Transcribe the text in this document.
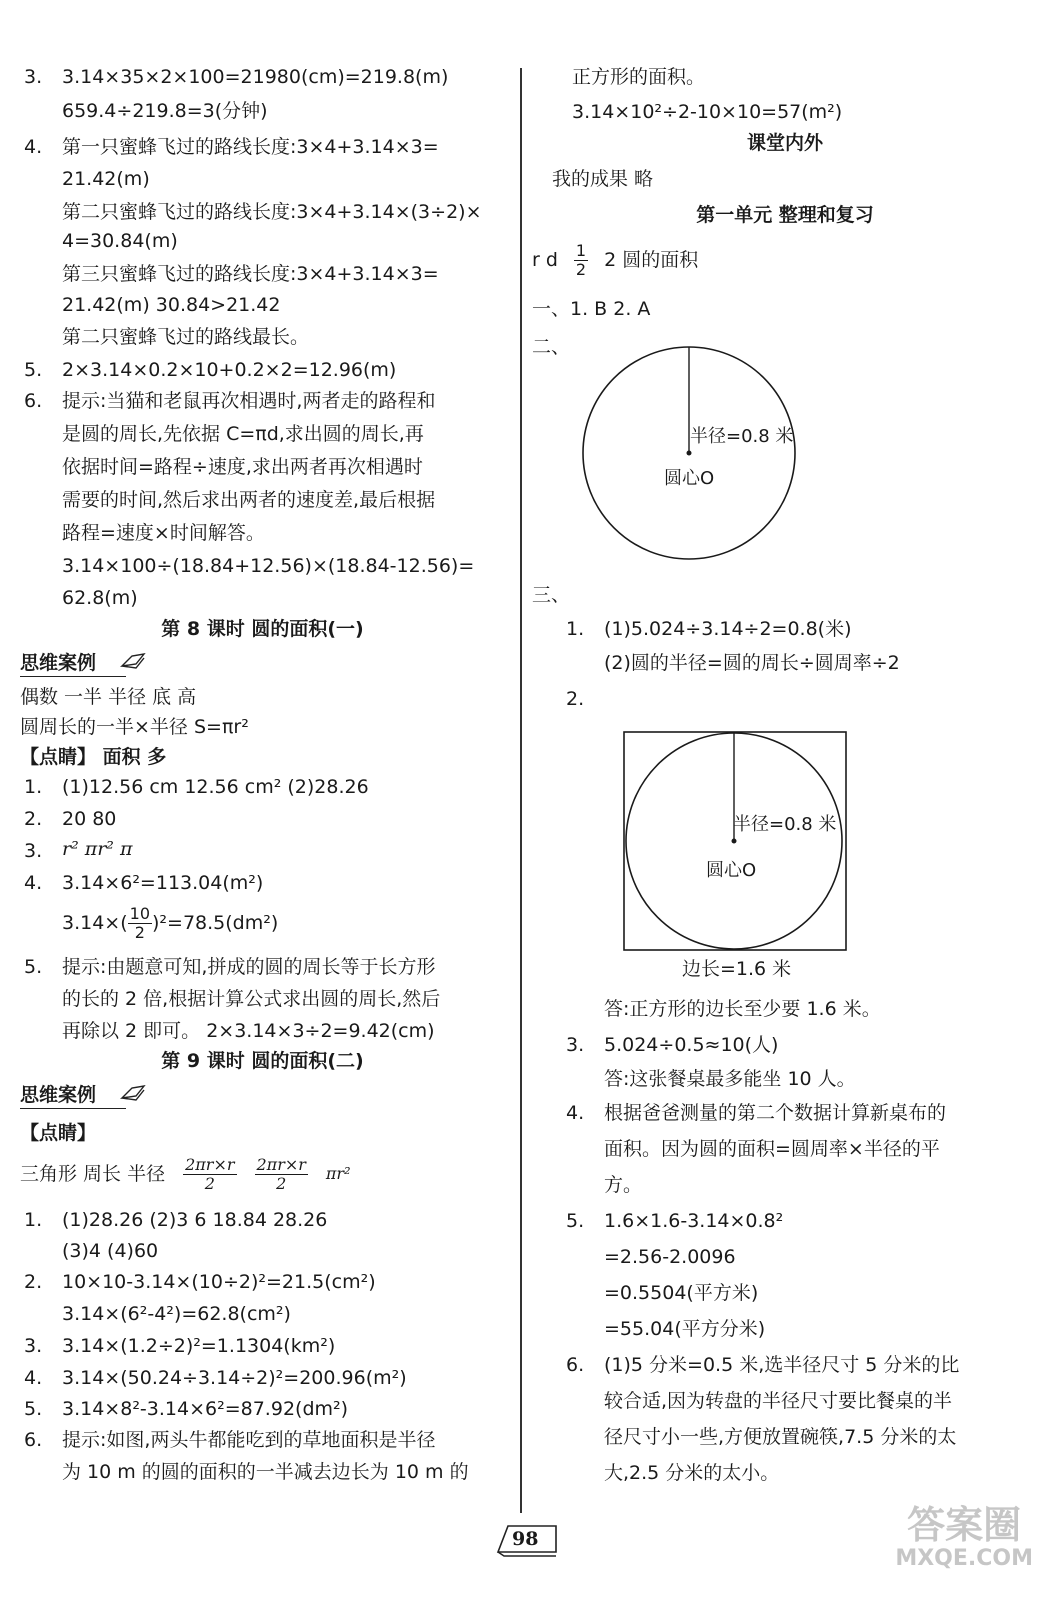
3. 3.14×35×2×100=21980(cm)=219.8(m)
659.4÷219.8=3(分钟)
4. 第一只蜜蜂飞过的路线长度:3×4+3.14×3=
21.42(m)
第二只蜜蜂飞过的路线长度:3×4+3.14×(3÷2)×
4=30.84(m)
第三只蜜蜂飞过的路线长度:3×4+3.14×3=
21.42(m) 30.84>21.42
第二只蜜蜂飞过的路线最长。
5. 2×3.14×0.2×10+0.2×2=12.96(m)
6. 提示:当猫和老鼠再次相遇时,两者走的路程和
是圆的周长,先依据 C=πd,求出圆的周长,再
依据时间=路程÷速度,求出两者再次相遇时
需要的时间,然后求出两者的速度差,最后根据
路程=速度×时间解答。
3.14×100÷(18.84+12.56)×(18.84-12.56)=
62.8(m)
第 8 课时 圆的面积(一)
思维案例
偶数 一半 半径 底 高
圆周长的一半×半径 S=πr²
【点睛】 面积 多
1. (1)12.56 cm 12.56 cm² (2)28.26
2. 20 80
3. r² πr² π
4. 3.14×6²=113.04(m²)
$3.14\times( \frac{10}{2} )^2=78.5(dm^2)$
5. 提示:由题意可知,拼成的圆的周长等于长方形
的长的 2 倍,根据计算公式求出圆的周长,然后
再除以 2 即可。 2×3.14×3÷2=9.42(cm)
第 9 课时 圆的面积(二)
思维案例
【点睛】
三角形 周长 半径 $\frac{2\pi r\times r}{2} \frac{2\pi r\times r}{2} \pi r^2$
1. (1)28.26 (2)3 6 18.84 28.26
(3)4 (4)60
2. 10×10-3.14×(10÷2)²=21.5(cm²)
3.14×(6²-4²)=62.8(cm²)
3. 3.14×(1.2÷2)²=1.1304(km²)
4. 3.14×(50.24÷3.14÷2)²=200.96(m²)
5. 3.14×8²-3.14×6²=87.92(dm²)
6. 提示:如图,两头牛都能吃到的草地面积是半径
为 10 m 的圆的面积的一半减去边长为 10 m 的
正方形的面积。
3.14×10²÷2-10×10=57(m²)
课堂内外
我的成果 略
第一单元 整理和复习
r d $\frac{1}{2} 2$ 圆的面积
一、1. B 2. A
二、
半径=0.8 米
圆心O
三、
1. (1)5.024÷3.14÷2=0.8(米)
(2)圆的半径=圆的周长÷圆周率÷2
2.
半径=0.8 米
圆心O
边长=1.6 米
答:正方形的边长至少要 1.6 米。
3. 5.024÷0.5≈10(人)
答:这张餐桌最多能坐 10 人。
4. 根据爸爸测量的第二个数据计算新桌布的
面积。因为圆的面积=圆周率×半径的平
方。
5. 1.6×1.6-3.14×0.8²
=2.56-2.0096
=0.5504(平方米)
=55.04(平方分米)
6. (1)5 分米=0.5 米,选半径尺寸 5 分米的比
较合适,因为转盘的半径尺寸要比餐桌的半
径尺寸小一些,方便放置碗筷,7.5 分米的太
大,2.5 分米的太小。
98	答案圈
MXQE.COM
